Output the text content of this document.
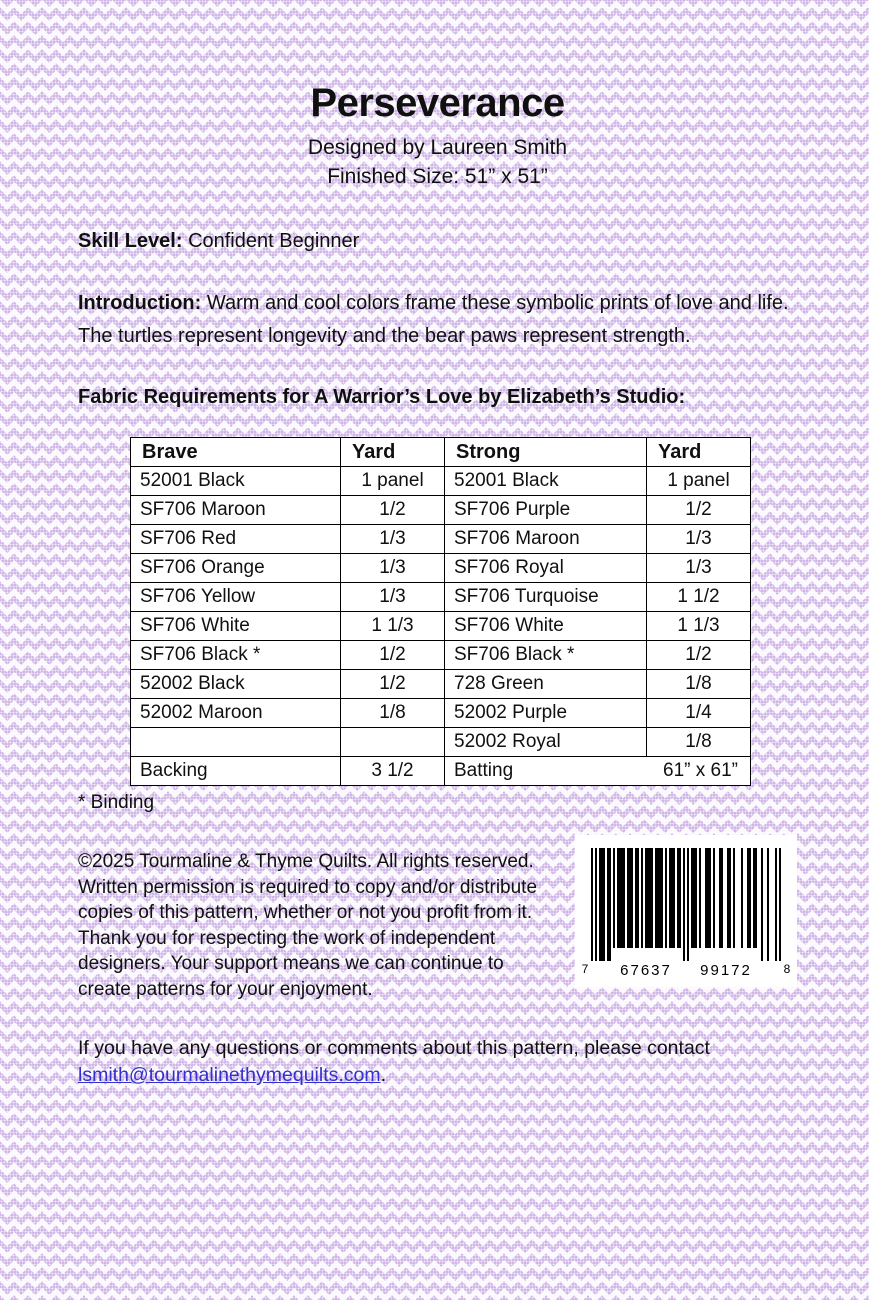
Perseverance
Designed by Laureen Smith
Finished Size: 51” x 51”
Skill Level: Confident Beginner
Introduction: Warm and cool colors frame these symbolic prints of love and life. The turtles represent longevity and the bear paws represent strength.
Fabric Requirements for A Warrior’s Love by Elizabeth’s Studio:
Brave	Yard	Strong	Yard
52001 Black	1 panel	52001 Black	1 panel
SF706 Maroon	1/2	SF706 Purple	1/2
SF706 Red	1/3	SF706 Maroon	1/3
SF706 Orange	1/3	SF706 Royal	1/3
SF706 Yellow	1/3	SF706 Turquoise	1 1/2
SF706 White	1 1/3	SF706 White	1 1/3
SF706 Black *	1/2	SF706 Black *	1/2
52002 Black	1/2	728 Green	1/8
52002 Maroon	1/8	52002 Purple	1/4
		52002 Royal	1/8
Backing	3 1/2	Batting 61” x 61”	
* Binding
©2025 Tourmaline & Thyme Quilts. All rights reserved. Written permission is required to copy and/or distribute copies of this pattern, whether or not you profit from it. Thank you for respecting the work of independent designers. Your support means we can continue to create patterns for your enjoyment.
7	67637	99172	8
If you have any questions or comments about this pattern, please contact lsmith@tourmalinethymequilts.com.
